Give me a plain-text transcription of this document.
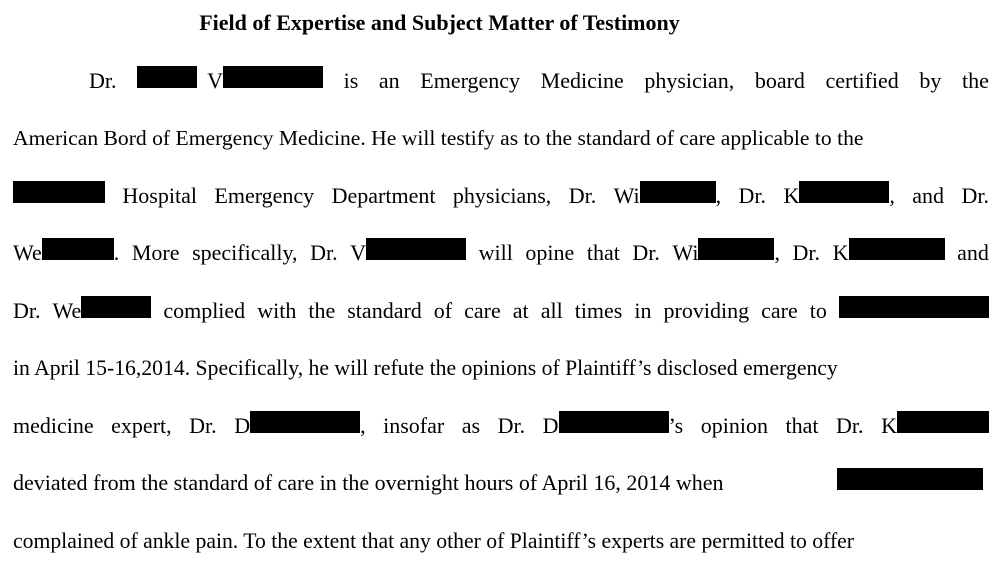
Field of Expertise and Subject Matter of Testimony
Dr.	V	is an Emergency Medicine physician, board certified by the
American Bord of Emergency Medicine. He will testify as to the standard of care applicable to the
Hospital Emergency Department physicians, Dr. Wi	, Dr. K	, and Dr.
We	. More specifically, Dr. V	will opine that Dr. Wi	, Dr. K	and
Dr. We	complied with the standard of care at all times in providing care to
in April 15-16,2014. Specifically, he will refute the opinions of Plaintiff’s disclosed emergency
medicine expert, Dr. D	, insofar as Dr. D	’s opinion that Dr. K
deviated from the standard of care in the overnight hours of April 16, 2014 when
complained of ankle pain. To the extent that any other of Plaintiff’s experts are permitted to offer
